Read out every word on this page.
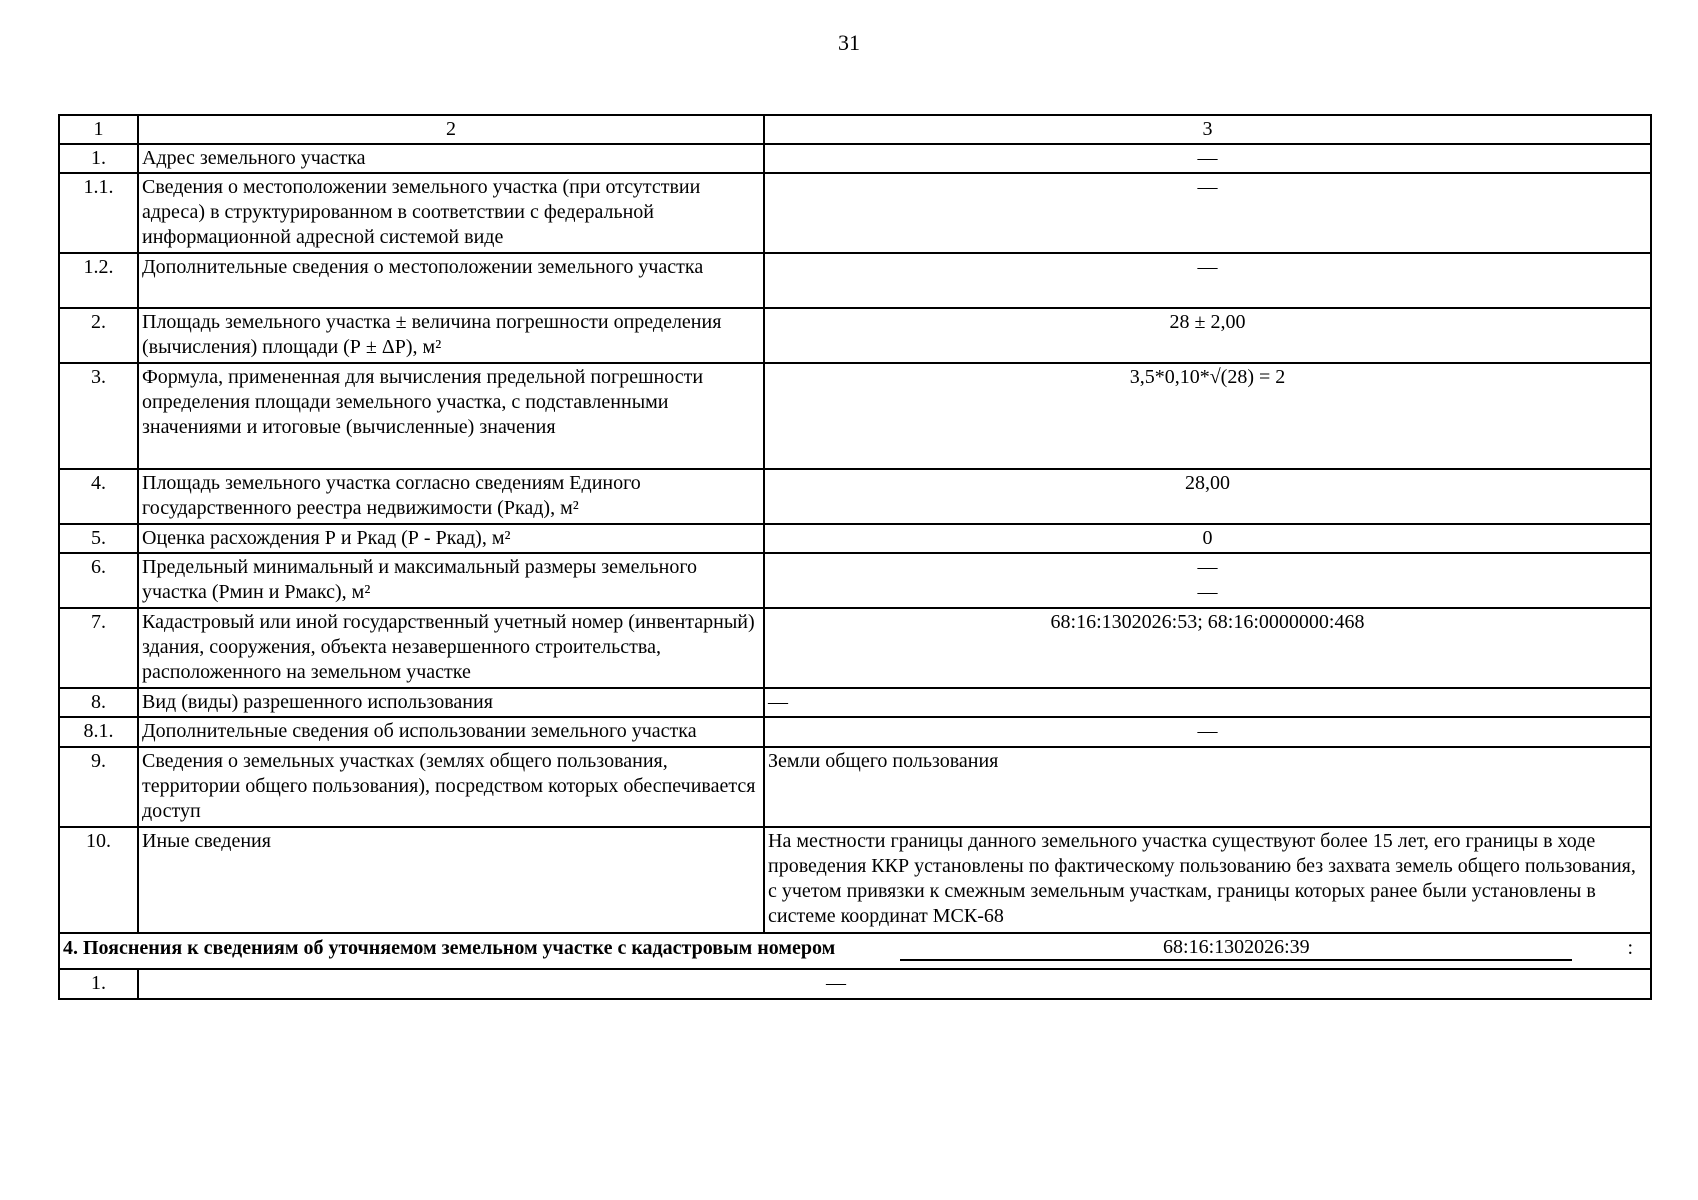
31
1	2	3
1.	Адрес земельного участка	—
1.1.	Сведения о местоположении земельного участка (при отсутствии адреса) в структурированном в соответствии с федеральной информационной адресной системой виде	—
1.2.	Дополнительные сведения о местоположении земельного участка	—
2.	Площадь земельного участка ± величина погрешности определения (вычисления) площади (Р ± ΔР), м²	28 ± 2,00
3.	Формула, примененная для вычисления предельной погрешности определения площади земельного участка, с подставленными значениями и итоговые (вычисленные) значения	3,5*0,10*√(28) = 2
4.	Площадь земельного участка согласно сведениям Единого государственного реестра недвижимости (Ркад), м²	28,00
5.	Оценка расхождения Р и Ркад (Р - Ркад), м²	0
6.	Предельный минимальный и максимальный размеры земельного участка (Рмин и Рмакс), м²	—
—

7.	Кадастровый или иной государственный учетный номер (инвентарный) здания, сооружения, объекта незавершенного строительства, расположенного на земельном участке	68:16:1302026:53; 68:16:0000000:468
8.	Вид (виды) разрешенного использования	—
8.1.	Дополнительные сведения об использовании земельного участка	—
9.	Сведения о земельных участках (землях общего пользования, территории общего пользования), посредством которых обеспечивается доступ	Земли общего пользования
10.	Иные сведения	На местности границы данного земельного участка существуют более 15 лет, его границы в ходе проведения ККР установлены по фактическому пользованию без захвата земель общего пользования, с учетом привязки к смежным земельным участкам, границы которых ранее были установлены в системе координат МСК-68

4. Пояснения к сведениям об уточняемом земельном участке с кадастровым номером 68:16:1302026:39 :		

1.	—	
